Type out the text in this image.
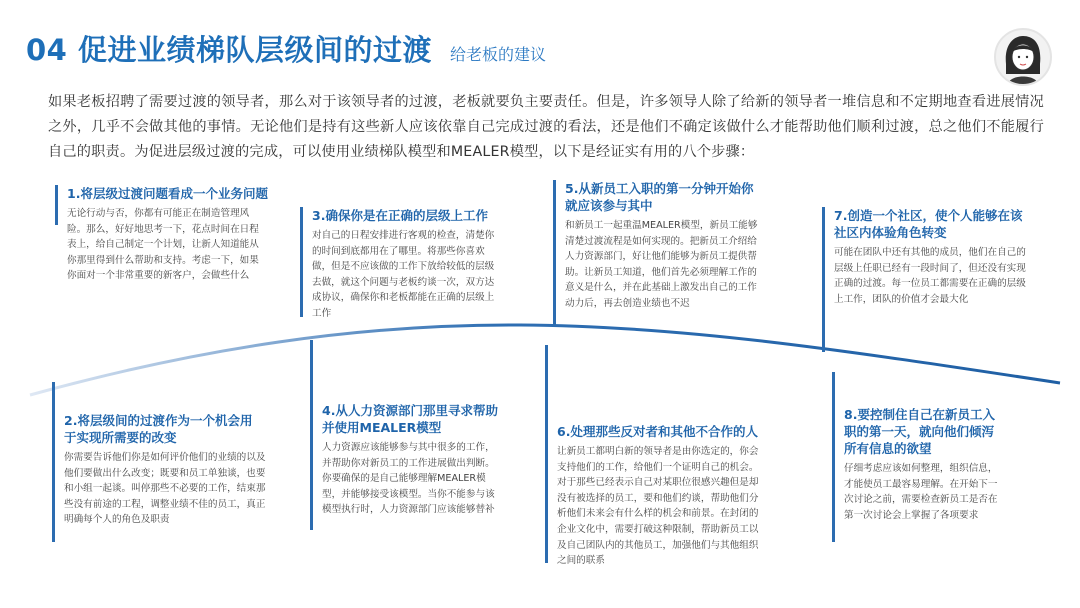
04 促进业绩梯队层级间的过渡 给老板的建议
如果老板招聘了需要过渡的领导者，那么对于该领导者的过渡，老板就要负主要责任。但是，许多领导人除了给新的领导者一堆信息和不定期地查看进展情况之外，几乎不会做其他的事情。无论他们是持有这些新人应该依靠自己完成过渡的看法，还是他们不确定该做什么才能帮助他们顺利过渡，总之他们不能履行自己的职责。为促进层级过渡的完成，可以使用业绩梯队模型和MEALER模型，以下是经证实有用的八个步骤：
1.将层级过渡问题看成一个业务问题
无论行动与否，你都有可能正在制造管理风险。那么，好好地思考一下，花点时间在日程表上，给自己制定一个计划，让新人知道能从你那里得到什么帮助和支持。考虑一下，如果你面对一个非常重要的新客户，会做些什么
3.确保你是在正确的层级上工作
对自己的日程安排进行客观的检查，清楚你的时间到底都用在了哪里。将那些你喜欢做，但是不应该做的工作下放给较低的层级去做，就这个问题与老板约谈一次，双方达成协议，确保你和老板都能在正确的层级上工作
5.从新员工入职的第一分钟开始你就应该参与其中
和新员工一起重温MEALER模型，新员工能够清楚过渡流程是如何实现的。把新员工介绍给人力资源部门，好让他们能够为新员工提供帮助。让新员工知道，他们首先必须理解工作的意义是什么，并在此基础上激发出自己的工作动力后，再去创造业绩也不迟
7.创造一个社区，使个人能够在该社区内体验角色转变
可能在团队中还有其他的成员，他们在自己的层级上任职已经有一段时间了，但还没有实现正确的过渡。每一位员工都需要在正确的层级上工作，团队的价值才会最大化
2.将层级间的过渡作为一个机会用于实现所需要的改变
你需要告诉他们你是如何评价他们的业绩的以及他们要做出什么改变；既要和员工单独谈，也要和小组一起谈。叫停那些不必要的工作，结束那些没有前途的工程，调整业绩不佳的员工，真正明确每个人的角色及职责
4.从人力资源部门那里寻求帮助并使用MEALER模型
人力资源应该能够参与其中很多的工作，并帮助你对新员工的工作进展做出判断。你要确保的是自己能够理解MEALER模型，并能够接受该模型。当你不能参与该模型执行时，人力资源部门应该能够替补
6.处理那些反对者和其他不合作的人
让新员工都明白新的领导者是由你选定的，你会支持他们的工作，给他们一个证明自己的机会。对于那些已经表示自己对某职位很感兴趣但是却没有被选择的员工，要和他们约谈，帮助他们分析他们未来会有什么样的机会和前景。在封闭的企业文化中，需要打破这种限制，帮助新员工以及自己团队内的其他员工，加强他们与其他组织之间的联系
8.要控制住自己在新员工入职的第一天，就向他们倾泻所有信息的欲望
仔细考虑应该如何整理，组织信息，才能使员工最容易理解。在开始下一次讨论之前，需要检查新员工是否在第一次讨论会上掌握了各项要求
